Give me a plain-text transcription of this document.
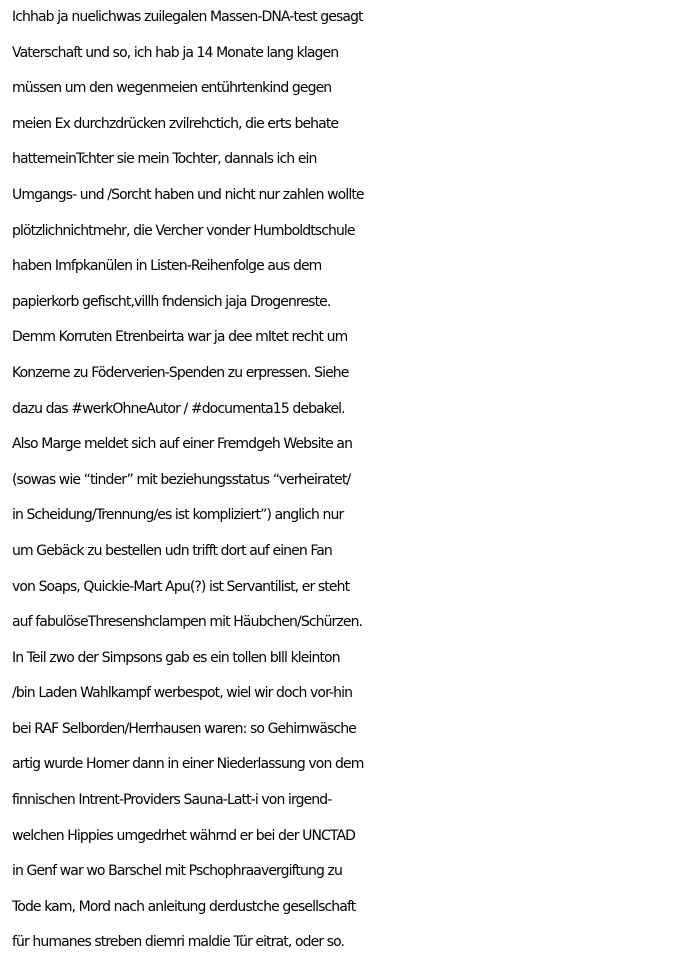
Ichhab ja nuelichwas zuilegalen Massen-DNA-test gesagt
Vaterschaft und so, ich hab ja 14 Monate lang klagen
müssen um den wegenmeien entührtenkind gegen
meien Ex durchzdrücken zvilrehctich, die erts behate
hattemeinTchter sie mein Tochter, dannals ich ein
Umgangs- und /Sorcht haben und nicht nur zahlen wollte
plötzlichnichtmehr, die Vercher vonder Humboldtschule
haben Imfpkanülen in Listen-Reihenfolge aus dem
papierkorb gefischt,villh fndensich jaja Drogenreste.
Demm Korruten Etrenbeirta war ja dee mItet recht um
Konzerne zu Föderverien-Spenden zu erpressen. Siehe
dazu das #werkOhneAutor / #documenta15 debakel.
Also Marge meldet sich auf einer Fremdgeh Website an
(sowas wie “tinder” mit beziehungsstatus “verheiratet/
in Scheidung/Trennung/es ist kompliziert”) anglich nur
um Gebäck zu bestellen udn trifft dort auf einen Fan
von Soaps, Quickie-Mart Apu(?) ist Servantilist, er steht
auf fabulöseThresenshclampen mit Häubchen/Schürzen.
In Teil zwo der Simpsons gab es ein tollen bIll kleinton
/bin Laden Wahlkampf werbespot, wiel wir doch vor-hin
bei RAF Selborden/Herrhausen waren: so Gehirnwäsche
artig wurde Homer dann in einer Niederlassung von dem
finnischen Intrent-Providers Sauna-Latt-i von irgend-
welchen Hippies umgedrhet währnd er bei der UNCTAD
in Genf war wo Barschel mit Pschophraavergiftung zu
Tode kam, Mord nach anleitung derdustche gesellschaft
für humanes streben diemri maldie Tür eitrat, oder so.
